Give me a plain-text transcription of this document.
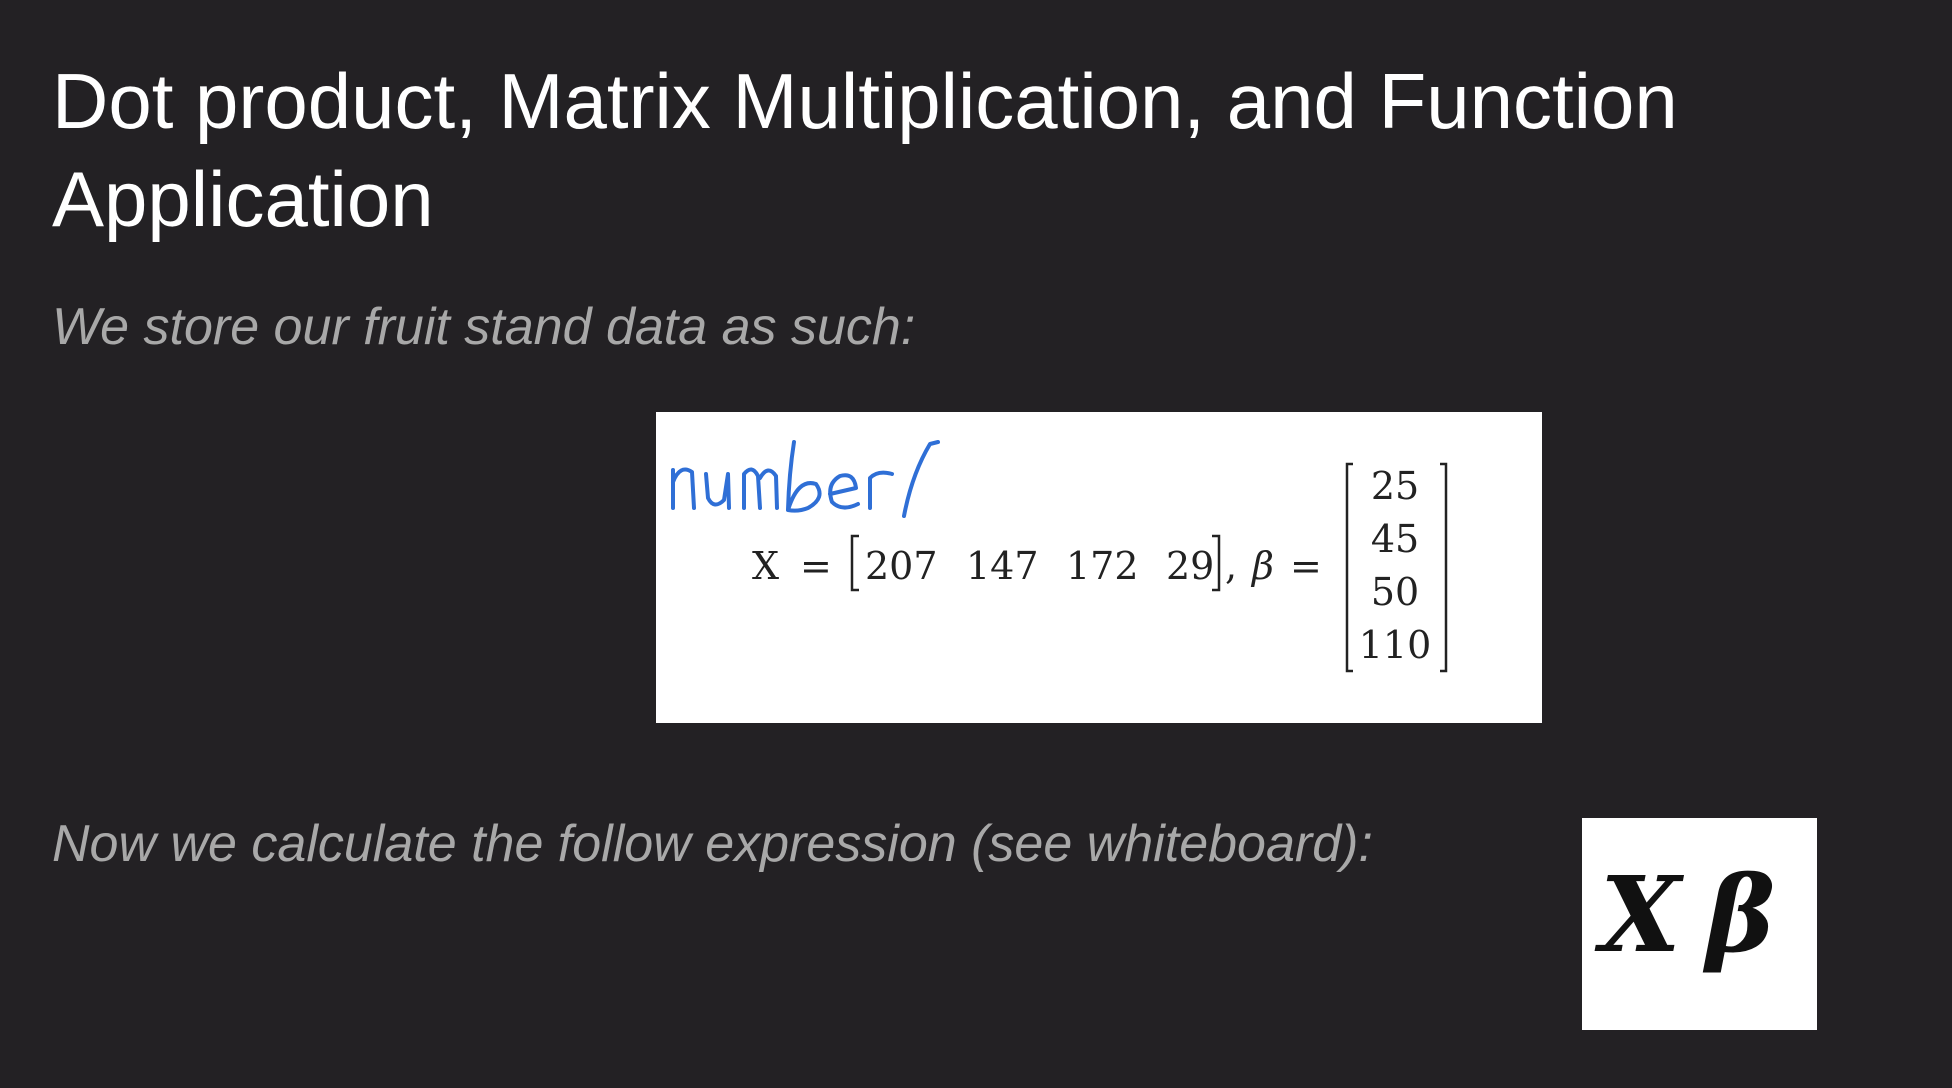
Dot product, Matrix Multiplication, and Function Application

We store our fruit stand data as such:

X = 207 147 172 29 , β =
25
45
50
110

Now we calculate the follow expression (see whiteboard):

X β
